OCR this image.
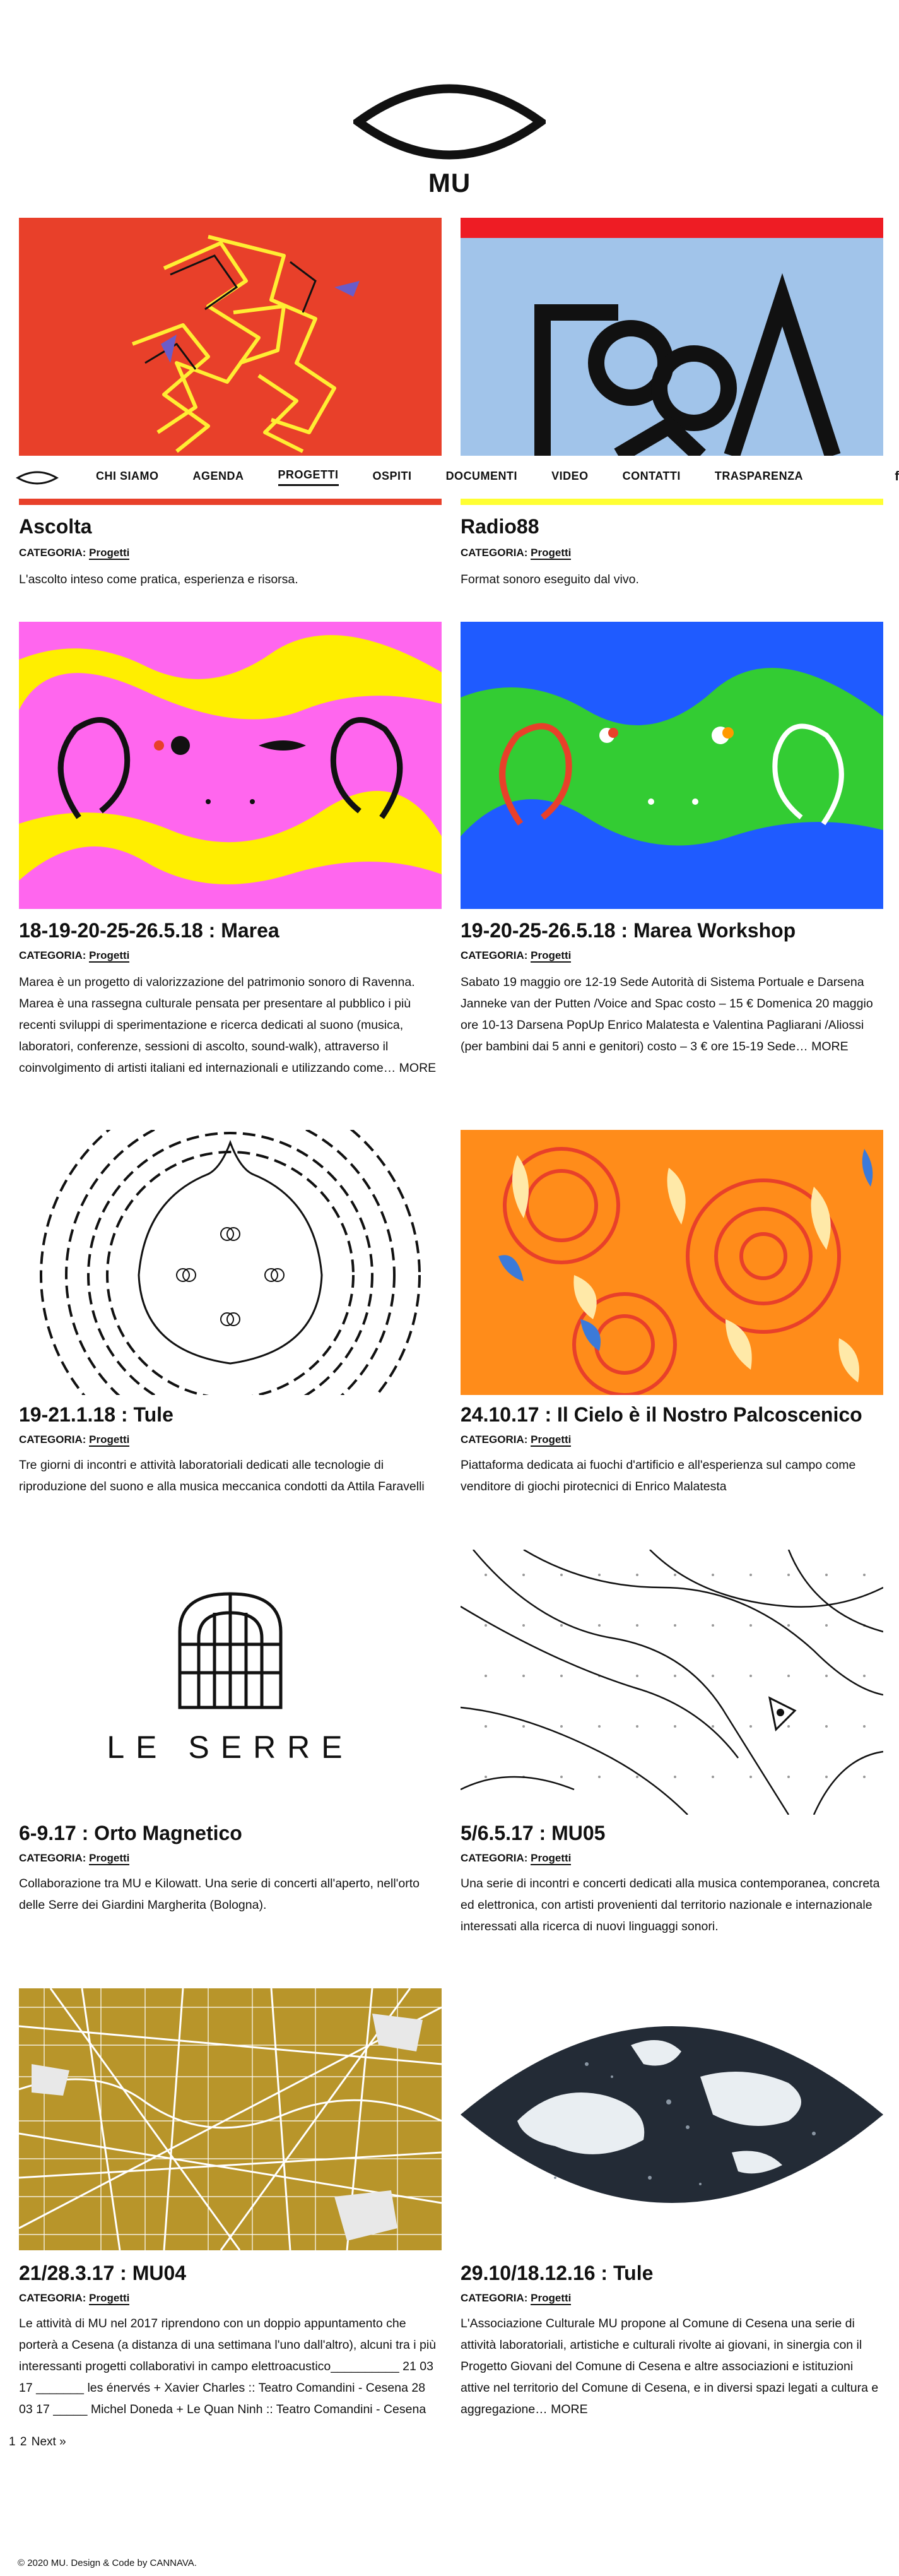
MU
CHI SIAMO	AGENDA	PROGETTI	OSPITI	DOCUMENTI	VIDEO	CONTATTI	TRASPARENZA	f
Ascolta
CATEGORIA: Progetti
L'ascolto inteso come pratica, esperienza e risorsa.
Radio88
CATEGORIA: Progetti
Format sonoro eseguito dal vivo.
18-19-20-25-26.5.18 : Marea
CATEGORIA: Progetti
Marea è un progetto di valorizzazione del patrimonio sonoro di Ravenna. Marea è una rassegna culturale pensata per presentare al pubblico i più recenti sviluppi di sperimentazione e ricerca dedicati al suono (musica, laboratori, conferenze, sessioni di ascolto, sound-walk), attraverso il coinvolgimento di artisti italiani ed internazionali e utilizzando come… MORE
19-20-25-26.5.18 : Marea Workshop
CATEGORIA: Progetti
Sabato 19 maggio ore 12-19 Sede Autorità di Sistema Portuale e Darsena Janneke van der Putten /Voice and Spac costo – 15 € Domenica 20 maggio ore 10-13 Darsena PopUp Enrico Malatesta e Valentina Pagliarani /Aliossi (per bambini dai 5 anni e genitori) costo – 3 € ore 15-19 Sede… MORE
19-21.1.18 : Tule
CATEGORIA: Progetti
Tre giorni di incontri e attività laboratoriali dedicati alle tecnologie di riproduzione del suono e alla musica meccanica condotti da Attila Faravelli
24.10.17 : Il Cielo è il Nostro Palcoscenico
CATEGORIA: Progetti
Piattaforma dedicata ai fuochi d'artificio e all'esperienza sul campo come venditore di giochi pirotecnici di Enrico Malatesta
LE SERRE
6-9.17 : Orto Magnetico
CATEGORIA: Progetti
Collaborazione tra MU e Kilowatt. Una serie di concerti all'aperto, nell'orto delle Serre dei Giardini Margherita (Bologna).
5/6.5.17 : MU05
CATEGORIA: Progetti
Una serie di incontri e concerti dedicati alla musica contemporanea, concreta ed elettronica, con artisti provenienti dal territorio nazionale e internazionale interessati alla ricerca di nuovi linguaggi sonori.
21/28.3.17 : MU04
CATEGORIA: Progetti
Le attività di MU nel 2017 riprendono con un doppio appuntamento che porterà a Cesena (a distanza di una settimana l'uno dall'altro), alcuni tra i più interessanti progetti collaborativi in campo elettroacustico__________ 21 03 17 _______ les énervés + Xavier Charles :: Teatro Comandini - Cesena 28 03 17 _____ Michel Doneda + Le Quan Ninh :: Teatro Comandini - Cesena
29.10/18.12.16 : Tule
CATEGORIA: Progetti
L'Associazione Culturale MU propone al Comune di Cesena una serie di attività laboratoriali, artistiche e culturali rivolte ai giovani, in sinergia con il Progetto Giovani del Comune di Cesena e altre associazioni e istituzioni attive nel territorio del Comune di Cesena, e in diversi spazi legati a cultura e aggregazione… MORE
1 2 Next »
© 2020 MU. Design & Code by CANNAVA.
